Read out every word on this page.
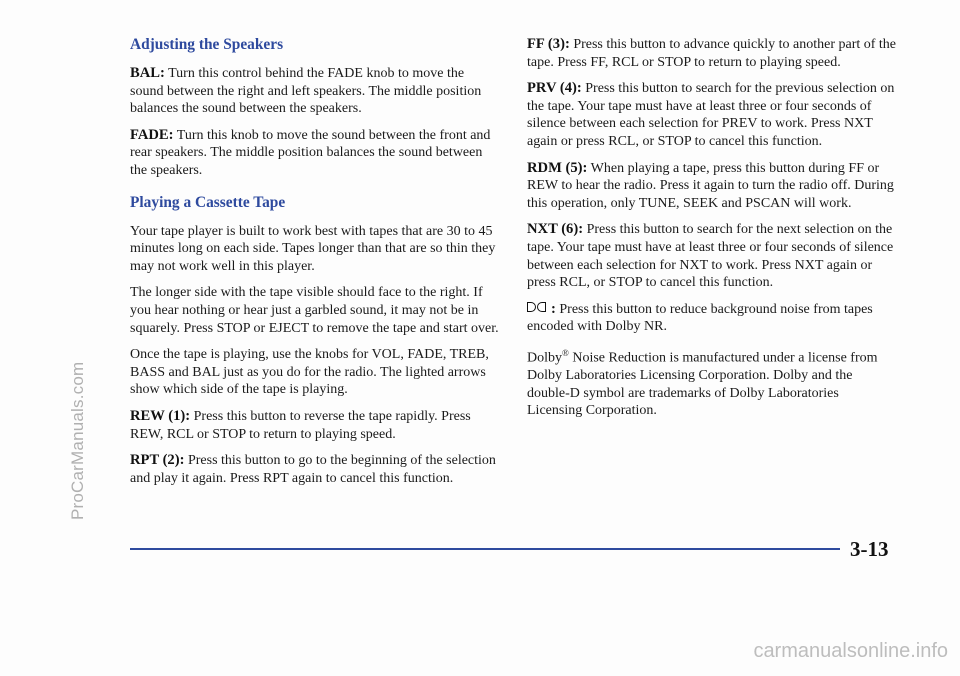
ProCarManuals.com
Adjusting the Speakers

BAL: Turn this control behind the FADE knob to move the sound between the right and left speakers. The middle position balances the sound between the speakers.

FADE: Turn this knob to move the sound between the front and rear speakers. The middle position balances the sound between the speakers.

Playing a Cassette Tape

Your tape player is built to work best with tapes that are 30 to 45 minutes long on each side. Tapes longer than that are so thin they may not work well in this player.

The longer side with the tape visible should face to the right. If you hear nothing or hear just a garbled sound, it may not be in squarely. Press STOP or EJECT to remove the tape and start over.

Once the tape is playing, use the knobs for VOL, FADE, TREB, BASS and BAL just as you do for the radio. The lighted arrows show which side of the tape is playing.

REW (1): Press this button to reverse the tape rapidly. Press REW, RCL or STOP to return to playing speed.

RPT (2): Press this button to go to the beginning of the selection and play it again. Press RPT again to cancel this function.

FF (3): Press this button to advance quickly to another part of the tape. Press FF, RCL or STOP to return to playing speed.

PRV (4): Press this button to search for the previous selection on the tape. Your tape must have at least three or four seconds of silence between each selection for PREV to work. Press NXT again or press RCL, or STOP to cancel this function.

RDM (5): When playing a tape, press this button during FF or REW to hear the radio. Press it again to turn the radio off. During this operation, only TUNE, SEEK and PSCAN will work.

NXT (6): Press this button to search for the next selection on the tape. Your tape must have at least three or four seconds of silence between each selection for NXT to work. Press NXT again or press RCL, or STOP to cancel this function.

: Press this button to reduce background noise from tapes encoded with Dolby NR.

Dolby® Noise Reduction is manufactured under a license from Dolby Laboratories Licensing Corporation. Dolby and the double-D symbol are trademarks of Dolby Laboratories Licensing Corporation.

3-13
carmanualsonline.info
